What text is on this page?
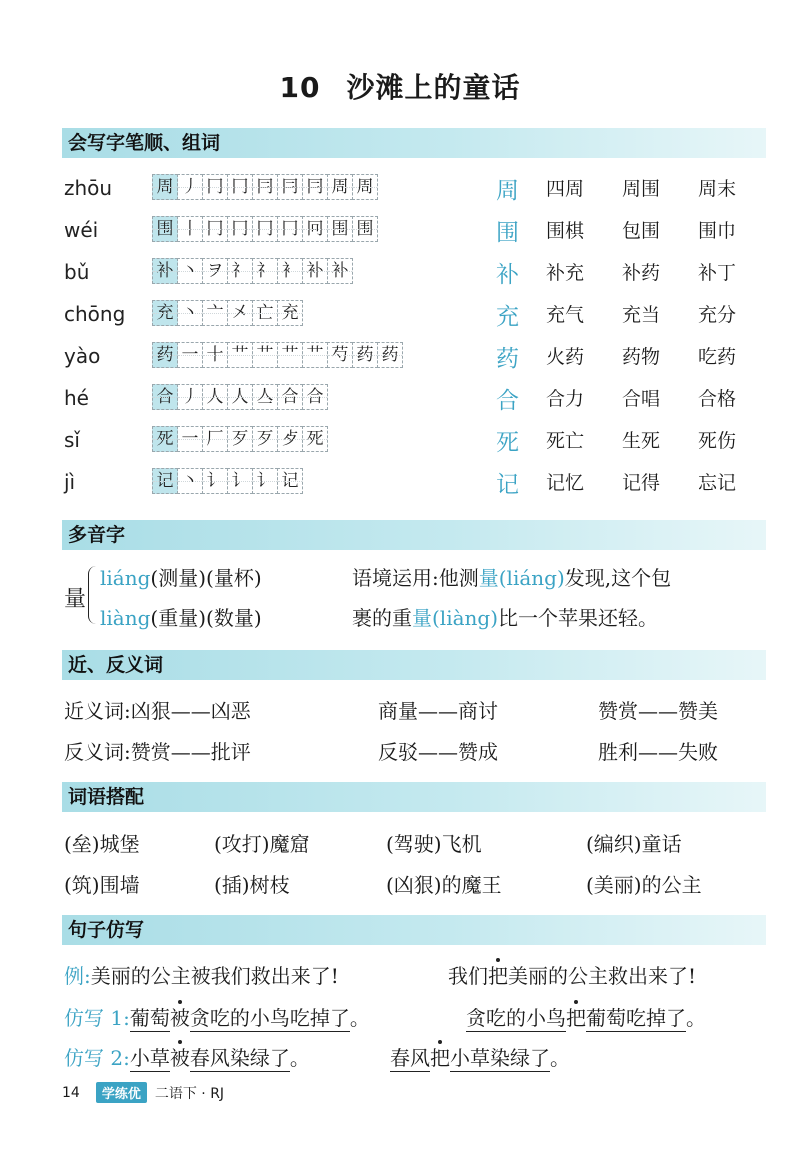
10 沙滩上的童话
会写字笔顺、组词
zhōu	周 丿 冂 冂 冃 冃 冃 周 周	周 四周	周围	周末
wéi	围 丨 冂 冂 冂 冂 冋 围 围	围 围棋	包围	围巾
bǔ	补 丶 ヲ 礻 礻 衤 补 补	补 补充	补药	补丁
chōng 充 丶 亠 㐅 亡 充	充 充气	充当	充分
yào	药 一 十 艹 艹 艹 艹 芍 药 药	药 火药	药物	吃药
hé	合 丿 人 人 亼 合 合	合 合力	合唱	合格
sǐ	死 一 厂 歹 歹 歺 死	死 死亡	生死	死伤
jì	记 丶 讠 讠 讠 记	记 记忆	记得	忘记
多音字
量
liáng(测量)(量杯)
liàng(重量)(数量)
语境运用:他测量(liáng)发现,这个包
裹的重量(liàng)比一个苹果还轻。
近、反义词
近义词:凶狠——凶恶	商量——商讨	赞赏——赞美
反义词:赞赏——批评	反驳——赞成	胜利——失败
词语搭配
(垒)城堡	(攻打)魔窟	(驾驶)飞机	(编织)童话
(筑)围墙	(插)树枝	(凶狠)的魔王	(美丽)的公主
句子仿写
例:美丽的公主被我们救出来了!	我们把美丽的公主救出来了!
仿写 1:葡萄被贪吃的小鸟吃掉了。	贪吃的小鸟把葡萄吃掉了。
仿写 2:小草被春风染绿了。	春风把小草染绿了。
14	学练优	二语下 · RJ
